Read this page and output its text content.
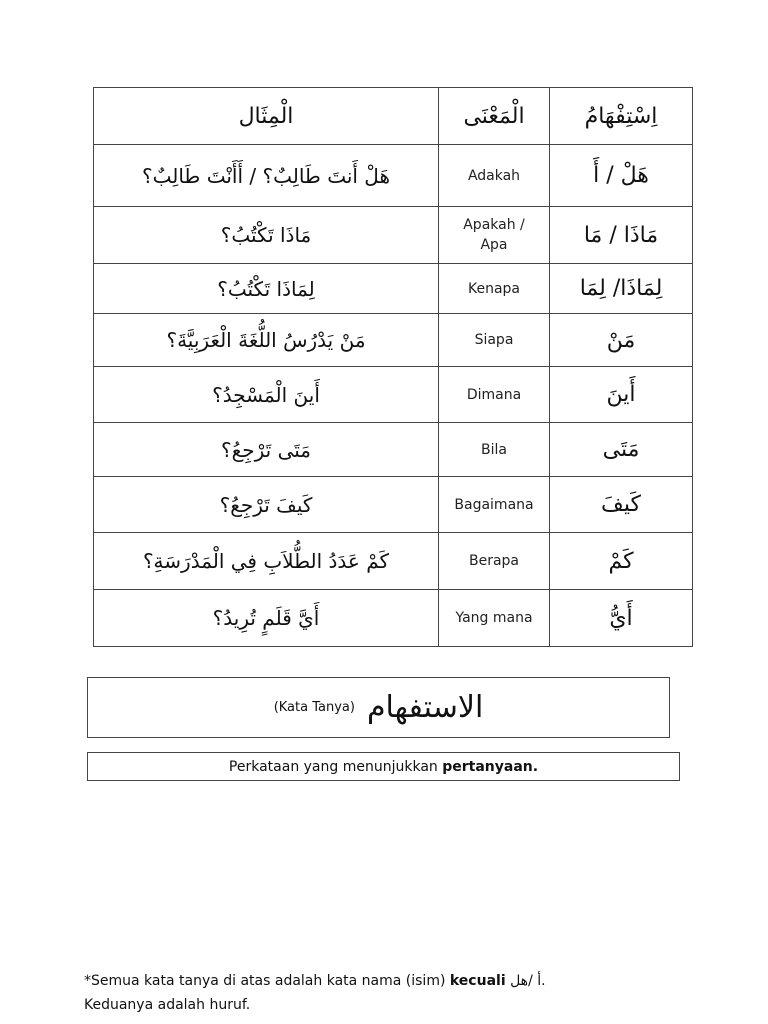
الْمِثَال	الْمَعْنَى	اِسْتِفْهَامُ
هَلْ أَنتَ طَالِبٌ؟ / أَأَنْتَ طَالِبٌ؟	Adakah	هَلْ / أَ
مَاذَا تَكْتُبُ؟	Apakah / Apa	مَاذَا / مَا
لِمَاذَا تَكْتُبُ؟	Kenapa	لِمَاذَا/ لِمَا
مَنْ يَدْرُسُ اللُّغَةَ الْعَرَبِيَّةَ؟	Siapa	مَنْ
أَينَ الْمَسْجِدُ؟	Dimana	أَينَ
مَتَى تَرْجِعُ؟	Bila	مَتَى
كَيفَ تَرْجِعُ؟	Bagaimana	كَيفَ
كَمْ عَدَدُ الطُّلاَبِ فِي الْمَدْرَسَةِ؟	Berapa	كَمْ
أَيَّ قَلَمٍ تُرِيدُ؟	Yang mana	أَيُّ
(Kata Tanya) الاستفهام
Perkataan yang menunjukkan pertanyaan.
*Semua kata tanya di atas adalah kata nama (isim) kecuali أ /هل.
Keduanya adalah huruf.
